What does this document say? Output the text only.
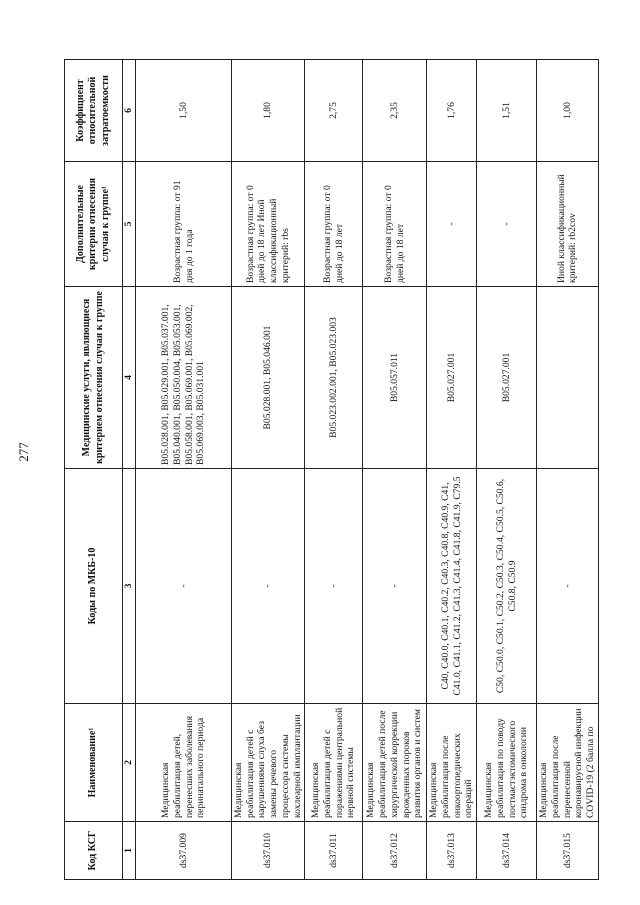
277
Код КСГ	Наименование¹	Коды по МКБ-10	Медицинские услуги, являющиеся критерием отнесения случая к группе	Дополнительные критерии отнесения случая к группе¹	Коэффициент относительной затратоемкости
1	2	3	4	5	6
ds37.009	Медицинская реабилитация детей, перенесших заболевания перинатального периода	-	B05.028.001, B05.029.001, B05.037.001, B05.040.001, B05.050.004, B05.053.001, B05.058.001, B05.069.001, B05.069.002, B05.069.003, B05.031.001	Возрастная группа: от 91 дня до 1 года	1,50
ds37.010	Медицинская реабилитация детей с нарушениями слуха без замены речевого процессора системы кохлеарной имплантации	-	B05.028.001, B05.046.001	Возрастная группа: от 0 дней до 18 лет Иной классификационный критерий: rbs	1,80
ds37.011	Медицинская реабилитация детей с поражениями центральной нервной системы	-	B05.023.002.001, B05.023.003	Возрастная группа: от 0 дней до 18 лет	2,75
ds37.012	Медицинская реабилитация детей после хирургической коррекции врожденных пороков развития органов и систем	-	B05.057.011	Возрастная группа: от 0 дней до 18 лет	2,35
ds37.013	Медицинская реабилитация после онкоортопедических операций	C40, C40.0, C40.1, C40.2, C40.3, C40.8, C40.9, C41, C41.0, C41.1, C41.2, C41.3, C41.4, C41.8, C41.9, C79.5	B05.027.001	-	1,76
ds37.014	Медицинская реабилитация по поводу постмастэктомического синдрома в онкологии	C50, C50.0, C50.1, C50.2, C50.3, C50.4, C50.5, C50.6, C50.8, C50.9	B05.027.001	-	1,51
ds37.015	Медицинская реабилитация после перенесенной коронавирусной инфекции COVID-19 (2 балла по	-		Иной классификационный критерий: rb2cov	1,00
